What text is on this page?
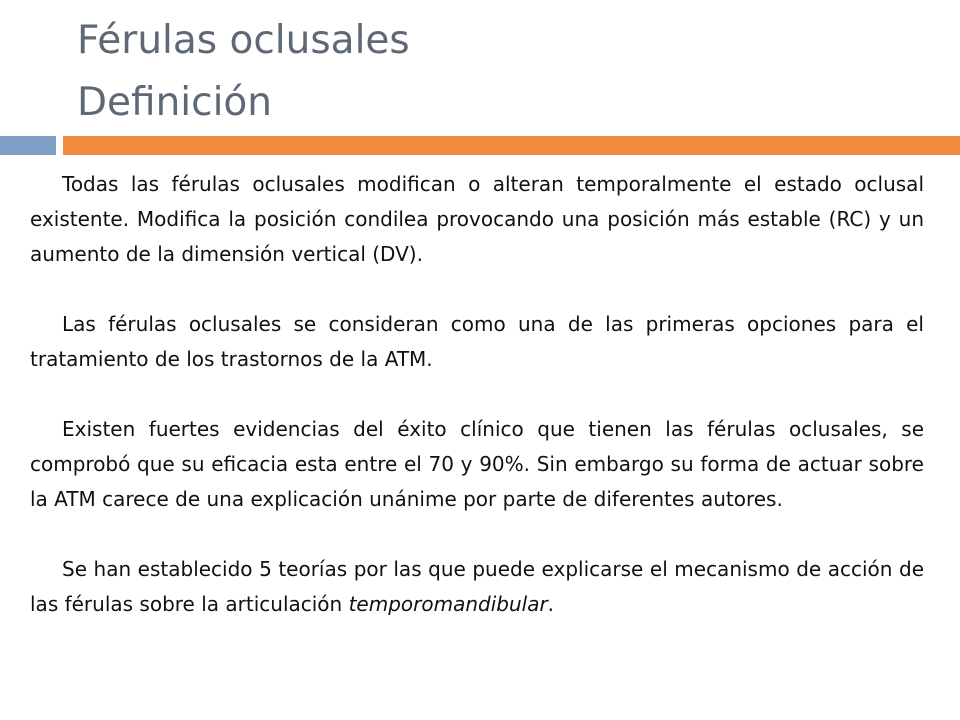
Férulas oclusales
Definición

Todas las férulas oclusales modifican o alteran temporalmente el estado oclusal existente. Modifica la posición condilea provocando una posición más estable (RC) y un aumento de la dimensión vertical (DV).

Las férulas oclusales se consideran como una de las primeras opciones para el tratamiento de los trastornos de la ATM.

Existen fuertes evidencias del éxito clínico que tienen las férulas oclusales, se comprobó que su eficacia esta entre el 70 y 90%. Sin embargo su forma de actuar sobre la ATM carece de una explicación unánime por parte de diferentes autores.

Se han establecido 5 teorías por las que puede explicarse el mecanismo de acción de las férulas sobre la articulación temporomandibular.
